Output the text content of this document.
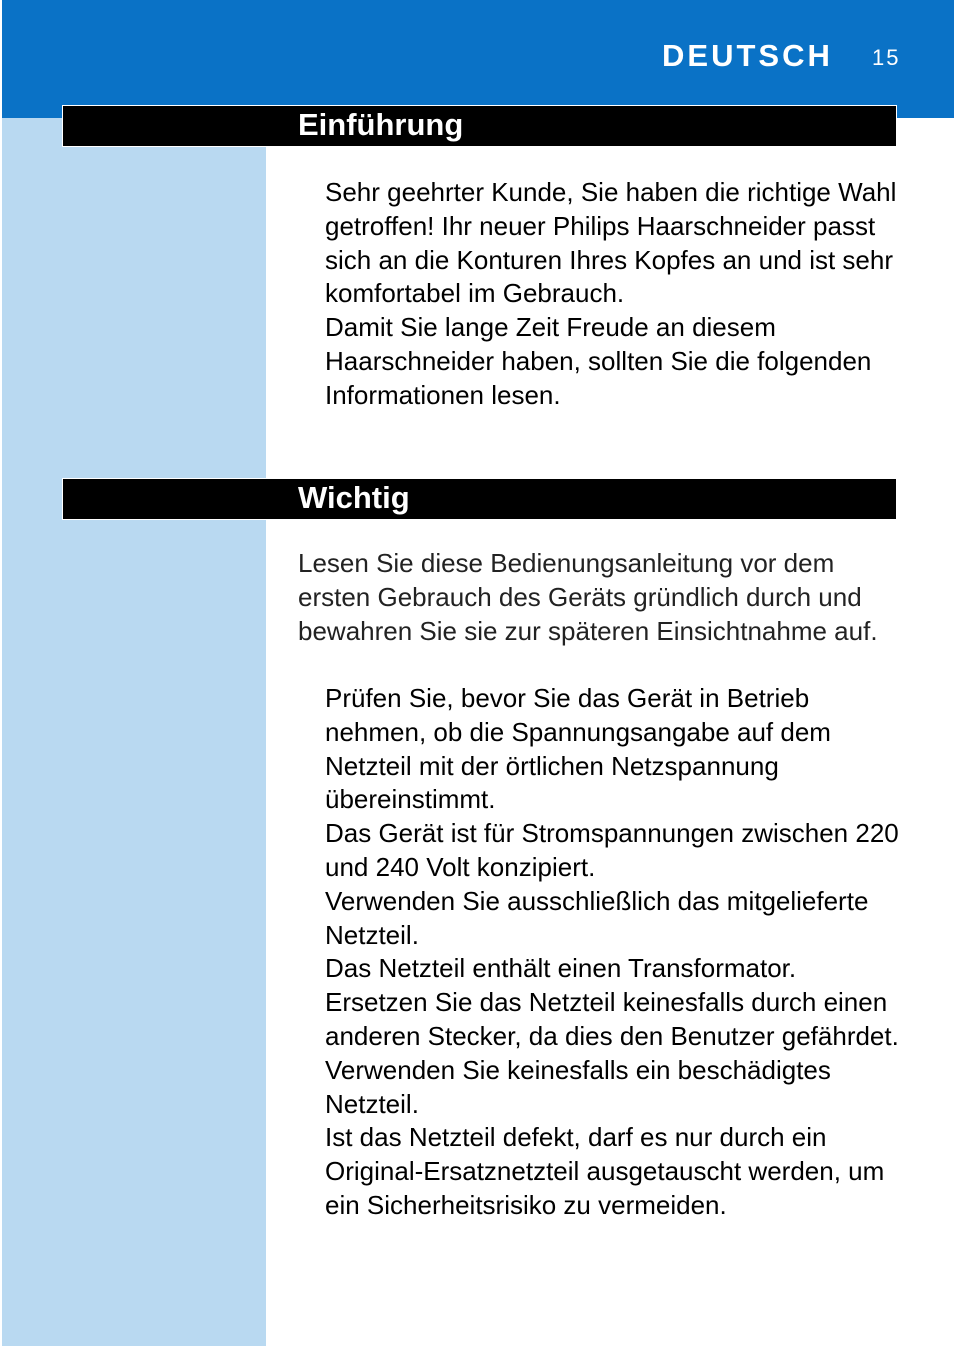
DEUTSCH 15
Einführung

Sehr geehrter Kunde, Sie haben die richtige Wahl getroffen! Ihr neuer Philips Haarschneider passt sich an die Konturen Ihres Kopfes an und ist sehr komfortabel im Gebrauch.

Damit Sie lange Zeit Freude an diesem Haarschneider haben, sollten Sie die folgenden Informationen lesen.

Wichtig

Lesen Sie diese Bedienungsanleitung vor dem ersten Gebrauch des Geräts gründlich durch und bewahren Sie sie zur späteren Einsichtnahme auf.

Prüfen Sie, bevor Sie das Gerät in Betrieb nehmen, ob die Spannungsangabe auf dem Netzteil mit der örtlichen Netzspannung übereinstimmt.

Das Gerät ist für Stromspannungen zwischen 220 und 240 Volt konzipiert.

Verwenden Sie ausschließlich das mitgelieferte Netzteil.

Das Netzteil enthält einen Transformator. Ersetzen Sie das Netzteil keinesfalls durch einen anderen Stecker, da dies den Benutzer gefährdet.

Verwenden Sie keinesfalls ein beschädigtes Netzteil.

Ist das Netzteil defekt, darf es nur durch ein Original-Ersatznetzteil ausgetauscht werden, um ein Sicherheitsrisiko zu vermeiden.
